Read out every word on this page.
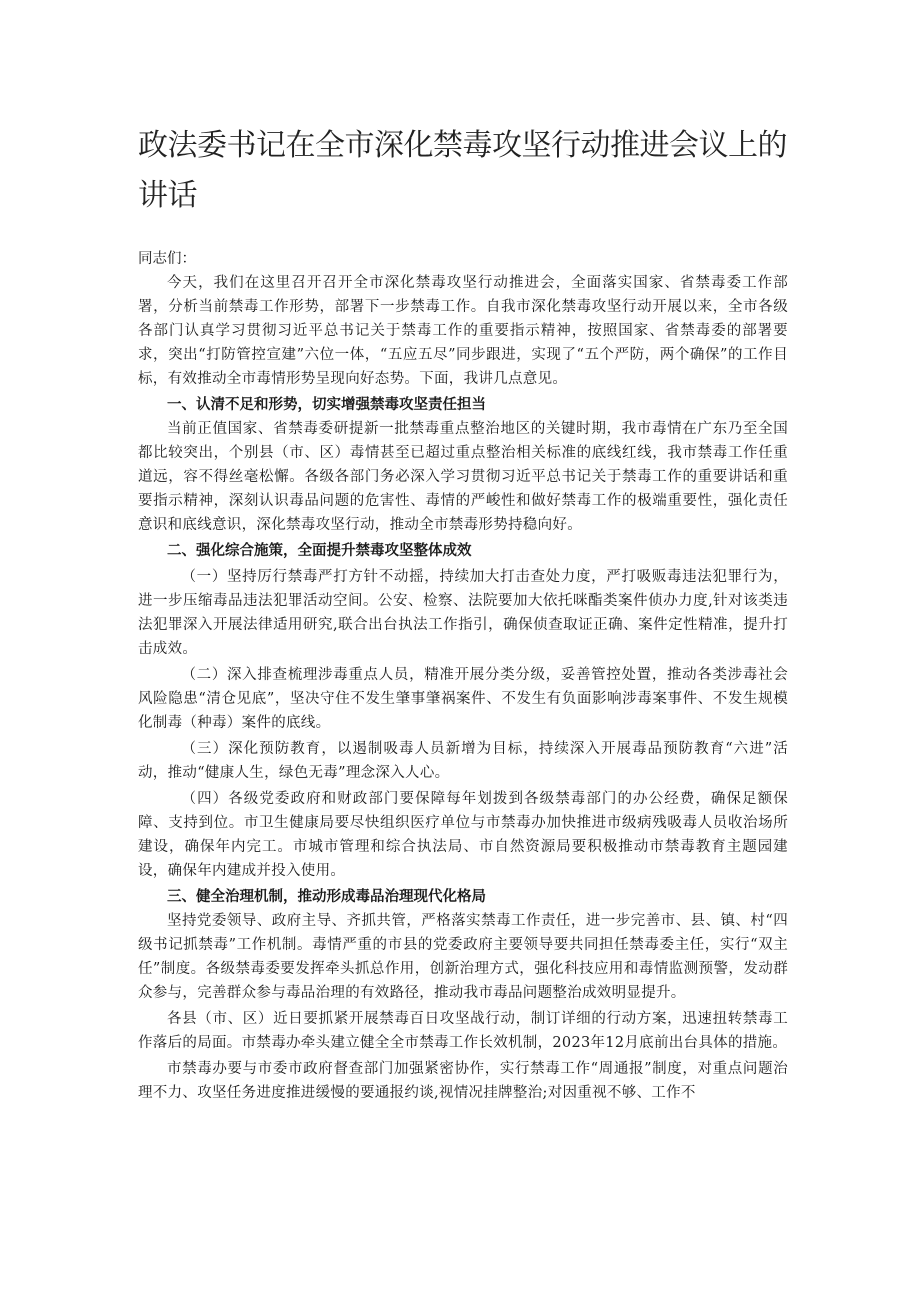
政法委书记在全市深化禁毒攻坚行动推进会议上的讲话
同志们：

今天，我们在这里召开召开全市深化禁毒攻坚行动推进会，全面落实国家、省禁毒委工作部署，分析当前禁毒工作形势，部署下一步禁毒工作。自我市深化禁毒攻坚行动开展以来，全市各级各部门认真学习贯彻习近平总书记关于禁毒工作的重要指示精神，按照国家、省禁毒委的部署要求，突出“打防管控宣建”六位一体，“五应五尽”同步跟进，实现了“五个严防，两个确保”的工作目标，有效推动全市毒情形势呈现向好态势。下面，我讲几点意见。

一、认清不足和形势，切实增强禁毒攻坚责任担当

当前正值国家、省禁毒委研提新一批禁毒重点整治地区的关键时期，我市毒情在广东乃至全国都比较突出，个别县（市、区）毒情甚至已超过重点整治相关标准的底线红线，我市禁毒工作任重道远，容不得丝毫松懈。各级各部门务必深入学习贯彻习近平总书记关于禁毒工作的重要讲话和重要指示精神，深刻认识毒品问题的危害性、毒情的严峻性和做好禁毒工作的极端重要性，强化责任意识和底线意识，深化禁毒攻坚行动，推动全市禁毒形势持稳向好。

二、强化综合施策，全面提升禁毒攻坚整体成效

（一）坚持厉行禁毒严打方针不动摇，持续加大打击查处力度，严打吸贩毒违法犯罪行为，进一步压缩毒品违法犯罪活动空间。公安、检察、法院要加大依托咪酯类案件侦办力度,针对该类违法犯罪深入开展法律适用研究,联合出台执法工作指引，确保侦查取证正确、案件定性精准，提升打击成效。

（二）深入排查梳理涉毒重点人员，精准开展分类分级，妥善管控处置，推动各类涉毒社会风险隐患“清仓见底”，坚决守住不发生肇事肇祸案件、不发生有负面影响涉毒案事件、不发生规模化制毒（种毒）案件的底线。

（三）深化预防教育，以遏制吸毒人员新增为目标，持续深入开展毒品预防教育“六进”活动，推动“健康人生，绿色无毒”理念深入人心。

（四）各级党委政府和财政部门要保障每年划拨到各级禁毒部门的办公经费，确保足额保障、支持到位。市卫生健康局要尽快组织医疗单位与市禁毒办加快推进市级病残吸毒人员收治场所建设，确保年内完工。市城市管理和综合执法局、市自然资源局要积极推动市禁毒教育主题园建设，确保年内建成并投入使用。

三、健全治理机制，推动形成毒品治理现代化格局

坚持党委领导、政府主导、齐抓共管，严格落实禁毒工作责任，进一步完善市、县、镇、村“四级书记抓禁毒”工作机制。毒情严重的市县的党委政府主要领导要共同担任禁毒委主任，实行“双主任”制度。各级禁毒委要发挥牵头抓总作用，创新治理方式，强化科技应用和毒情监测预警，发动群众参与，完善群众参与毒品治理的有效路径，推动我市毒品问题整治成效明显提升。

各县（市、区）近日要抓紧开展禁毒百日攻坚战行动，制订详细的行动方案，迅速扭转禁毒工作落后的局面。市禁毒办牵头建立健全全市禁毒工作长效机制，2023年12月底前出台具体的措施。

市禁毒办要与市委市政府督查部门加强紧密协作，实行禁毒工作“周通报”制度，对重点问题治理不力、攻坚任务进度推进缓慢的要通报约谈,视情况挂牌整治;对因重视不够、工作不
